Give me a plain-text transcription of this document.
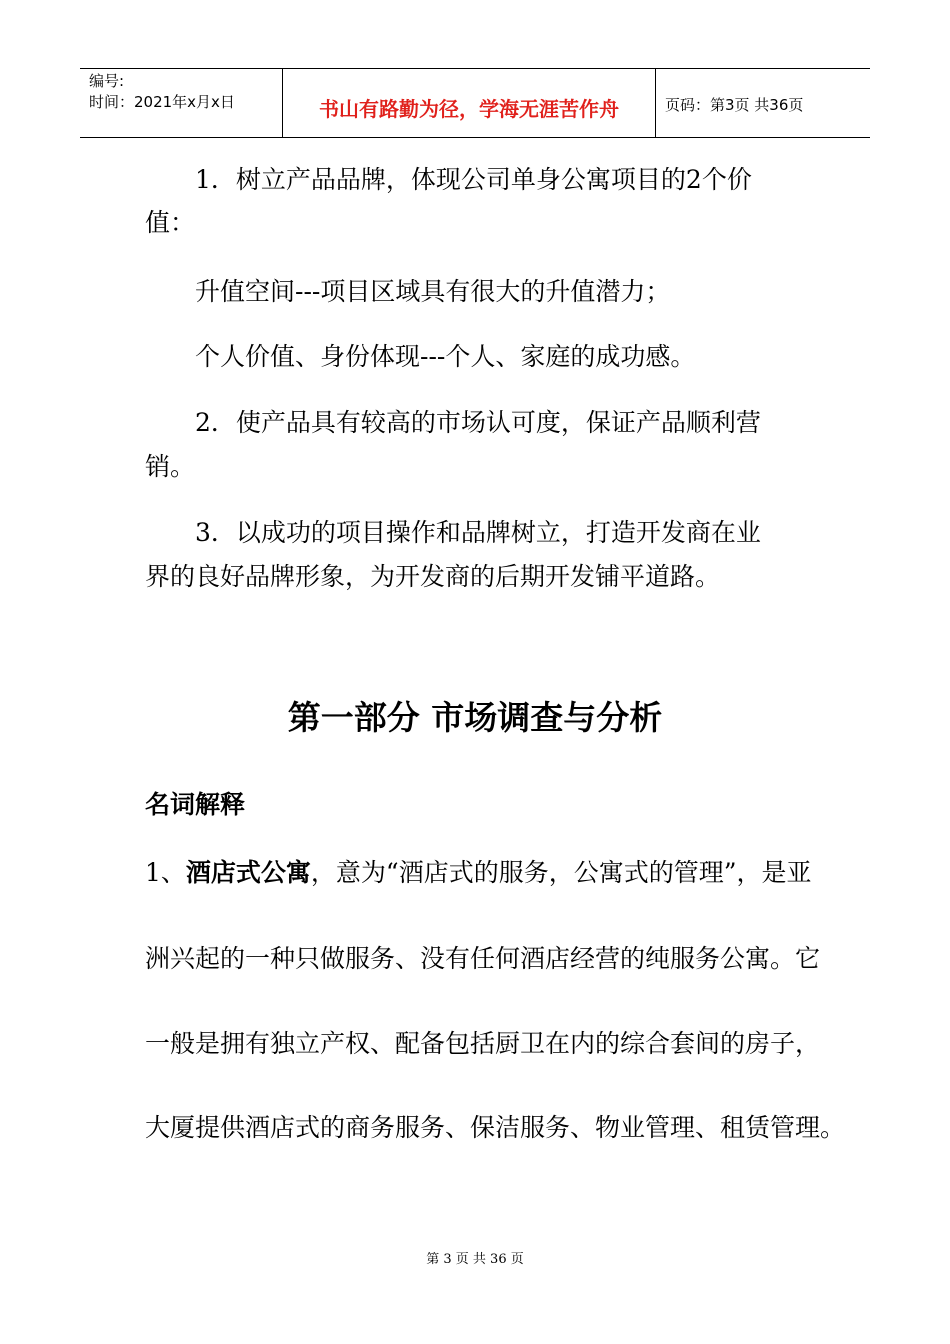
编号:
时间：2021年x月x日	书山有路勤为径，学海无涯苦作舟	页码：第3页 共36页
1．树立产品品牌，体现公司单身公寓项目的2个价
值：
升值空间---项目区域具有很大的升值潜力；
个人价值、身份体现---个人、家庭的成功感。
2．使产品具有较高的市场认可度，保证产品顺利营
销。
3．以成功的项目操作和品牌树立，打造开发商在业
界的良好品牌形象，为开发商的后期开发铺平道路。
第一部分 市场调查与分析
名词解释
1、酒店式公寓，意为“酒店式的服务，公寓式的管理”，是亚
洲兴起的一种只做服务、没有任何酒店经营的纯服务公寓。它
一般是拥有独立产权、配备包括厨卫在内的综合套间的房子，
大厦提供酒店式的商务服务、保洁服务、物业管理、租赁管理。
第 3 页 共 36 页
